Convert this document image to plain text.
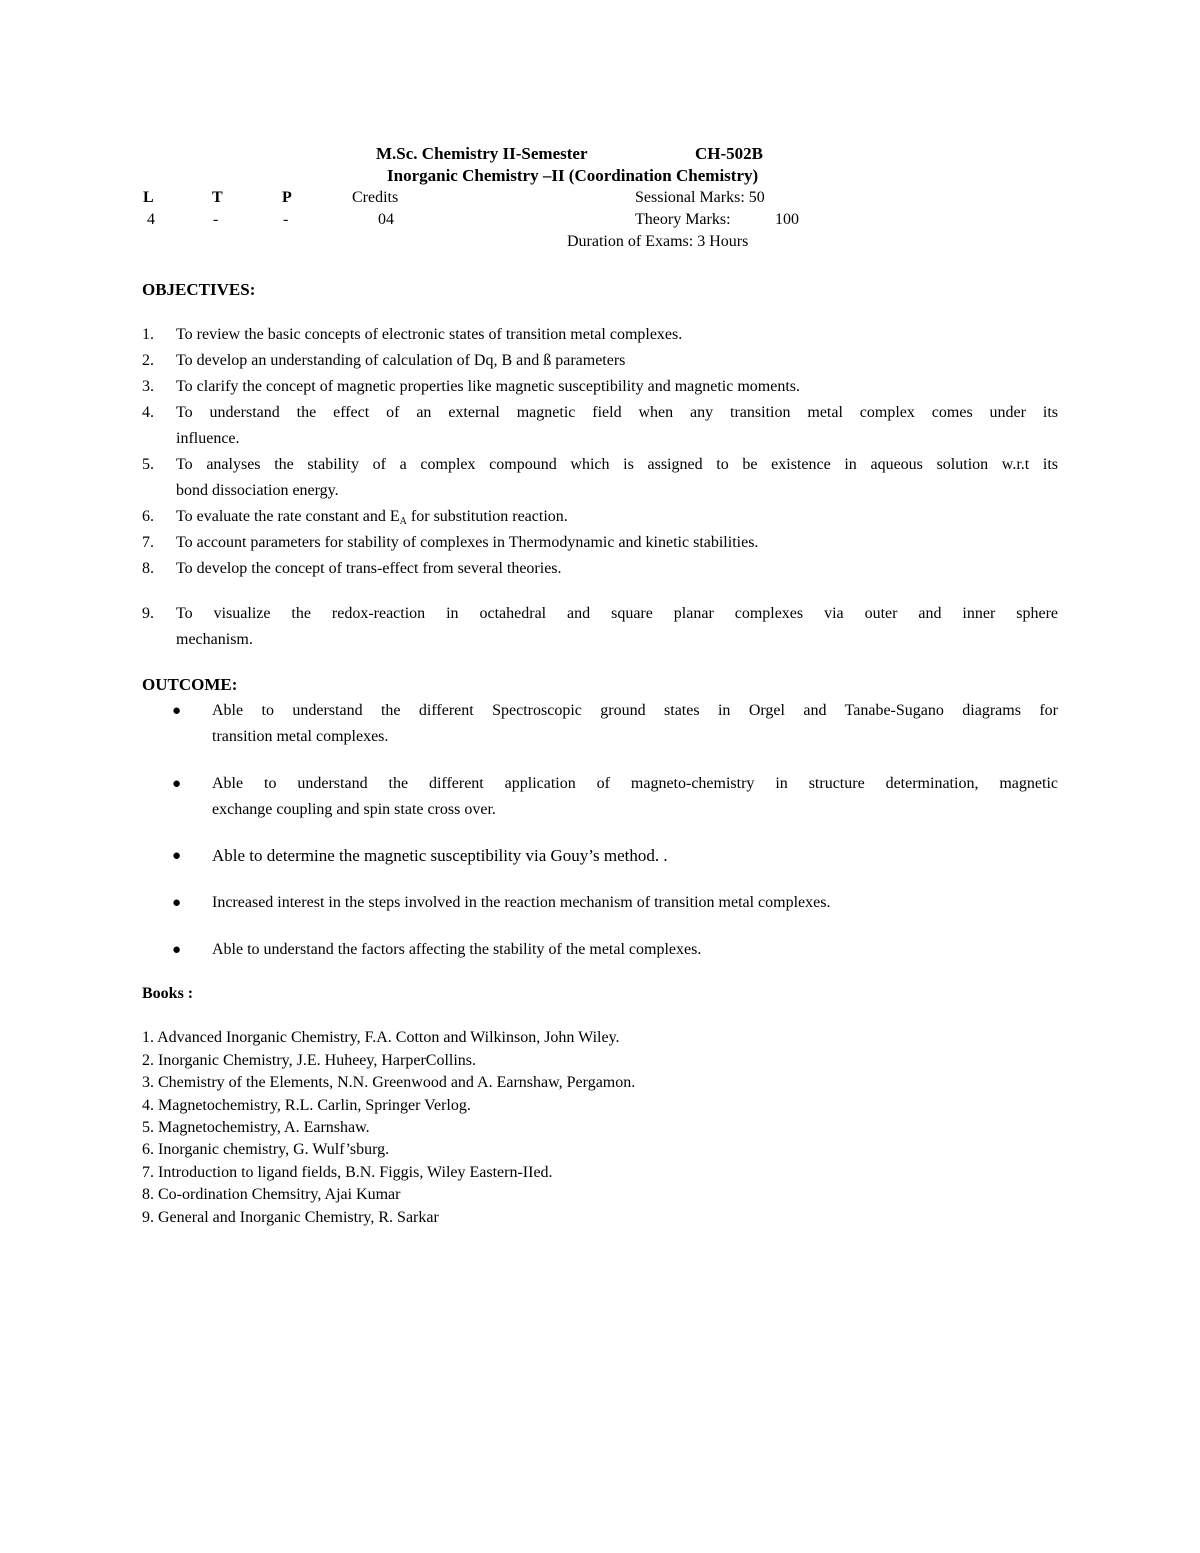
M.Sc. Chemistry II-Semester	CH-502B
Inorganic Chemistry –II (Coordination Chemistry)
L	T	P	Credits	Sessional Marks: 50
4	-	-	04	Theory Marks:	100
Duration of Exams: 3 Hours
OBJECTIVES:
1. To review the basic concepts of electronic states of transition metal complexes.
2. To develop an understanding of calculation of Dq, B and ß parameters
3. To clarify the concept of magnetic properties like magnetic susceptibility and magnetic moments.
4. To understand the effect of an external magnetic field when any transition metal complex comes under its
influence.
5. To analyses the stability of a complex compound which is assigned to be existence in aqueous solution w.r.t its
bond dissociation energy.
6. To evaluate the rate constant and $E_A$ for substitution reaction.
7. To account parameters for stability of complexes in Thermodynamic and kinetic stabilities.
8. To develop the concept of trans-effect from several theories.
9. To visualize the redox-reaction in octahedral and square planar complexes via outer and inner sphere
mechanism.
OUTCOME:
● Able to understand the different Spectroscopic ground states in Orgel and Tanabe-Sugano diagrams for
transition metal complexes.
● Able to understand the different application of magneto-chemistry in structure determination, magnetic
exchange coupling and spin state cross over.
● Able to determine the magnetic susceptibility via Gouy’s method. .
● Increased interest in the steps involved in the reaction mechanism of transition metal complexes.
● Able to understand the factors affecting the stability of the metal complexes.
Books :
1. Advanced Inorganic Chemistry, F.A. Cotton and Wilkinson, John Wiley.
2. Inorganic Chemistry, J.E. Huheey, HarperCollins.
3. Chemistry of the Elements, N.N. Greenwood and A. Earnshaw, Pergamon.
4. Magnetochemistry, R.L. Carlin, Springer Verlog.
5. Magnetochemistry, A. Earnshaw.
6. Inorganic chemistry, G. Wulf’sburg.
7. Introduction to ligand fields, B.N. Figgis, Wiley Eastern-IIed.
8. Co-ordination Chemsitry, Ajai Kumar
9. General and Inorganic Chemistry, R. Sarkar
